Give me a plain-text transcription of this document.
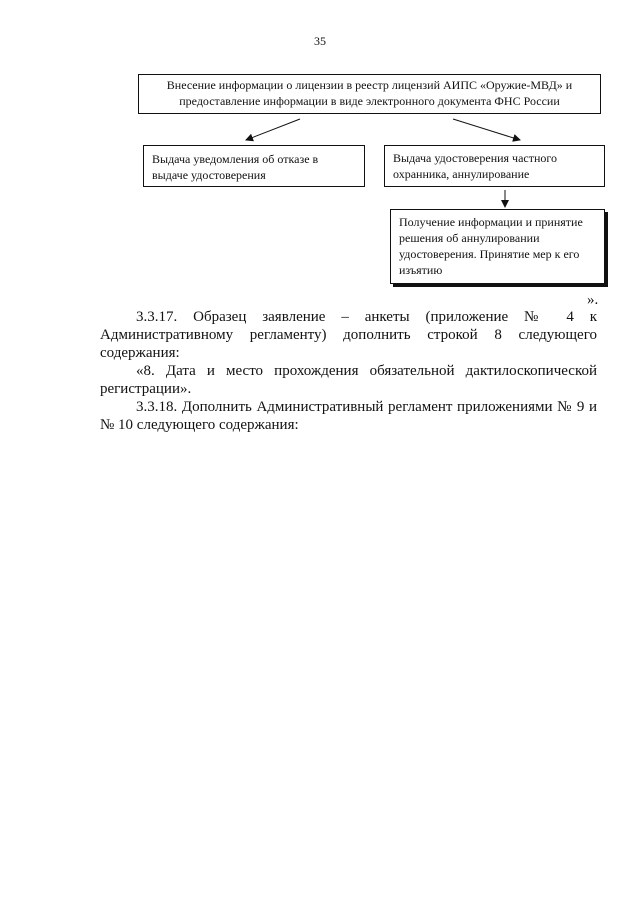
35
Внесение информации о лицензии в реестр лицензий АИПС «Оружие-МВД» и предоставление информации в виде электронного документа ФНС России
Выдача уведомления об отказе в выдаче удостоверения
Выдача удостоверения частного охранника, аннулирование
Получение информации и принятие решения об аннулировании удостоверения. Принятие мер к его изъятию
».

3.3.17. Образец заявление – анкеты (приложение № 4 к Административному регламенту) дополнить строкой 8 следующего содержания:

«8. Дата и место прохождения обязательной дактилоскопической регистрации».

3.3.18. Дополнить Административный регламент приложениями № 9 и № 10 следующего содержания:
